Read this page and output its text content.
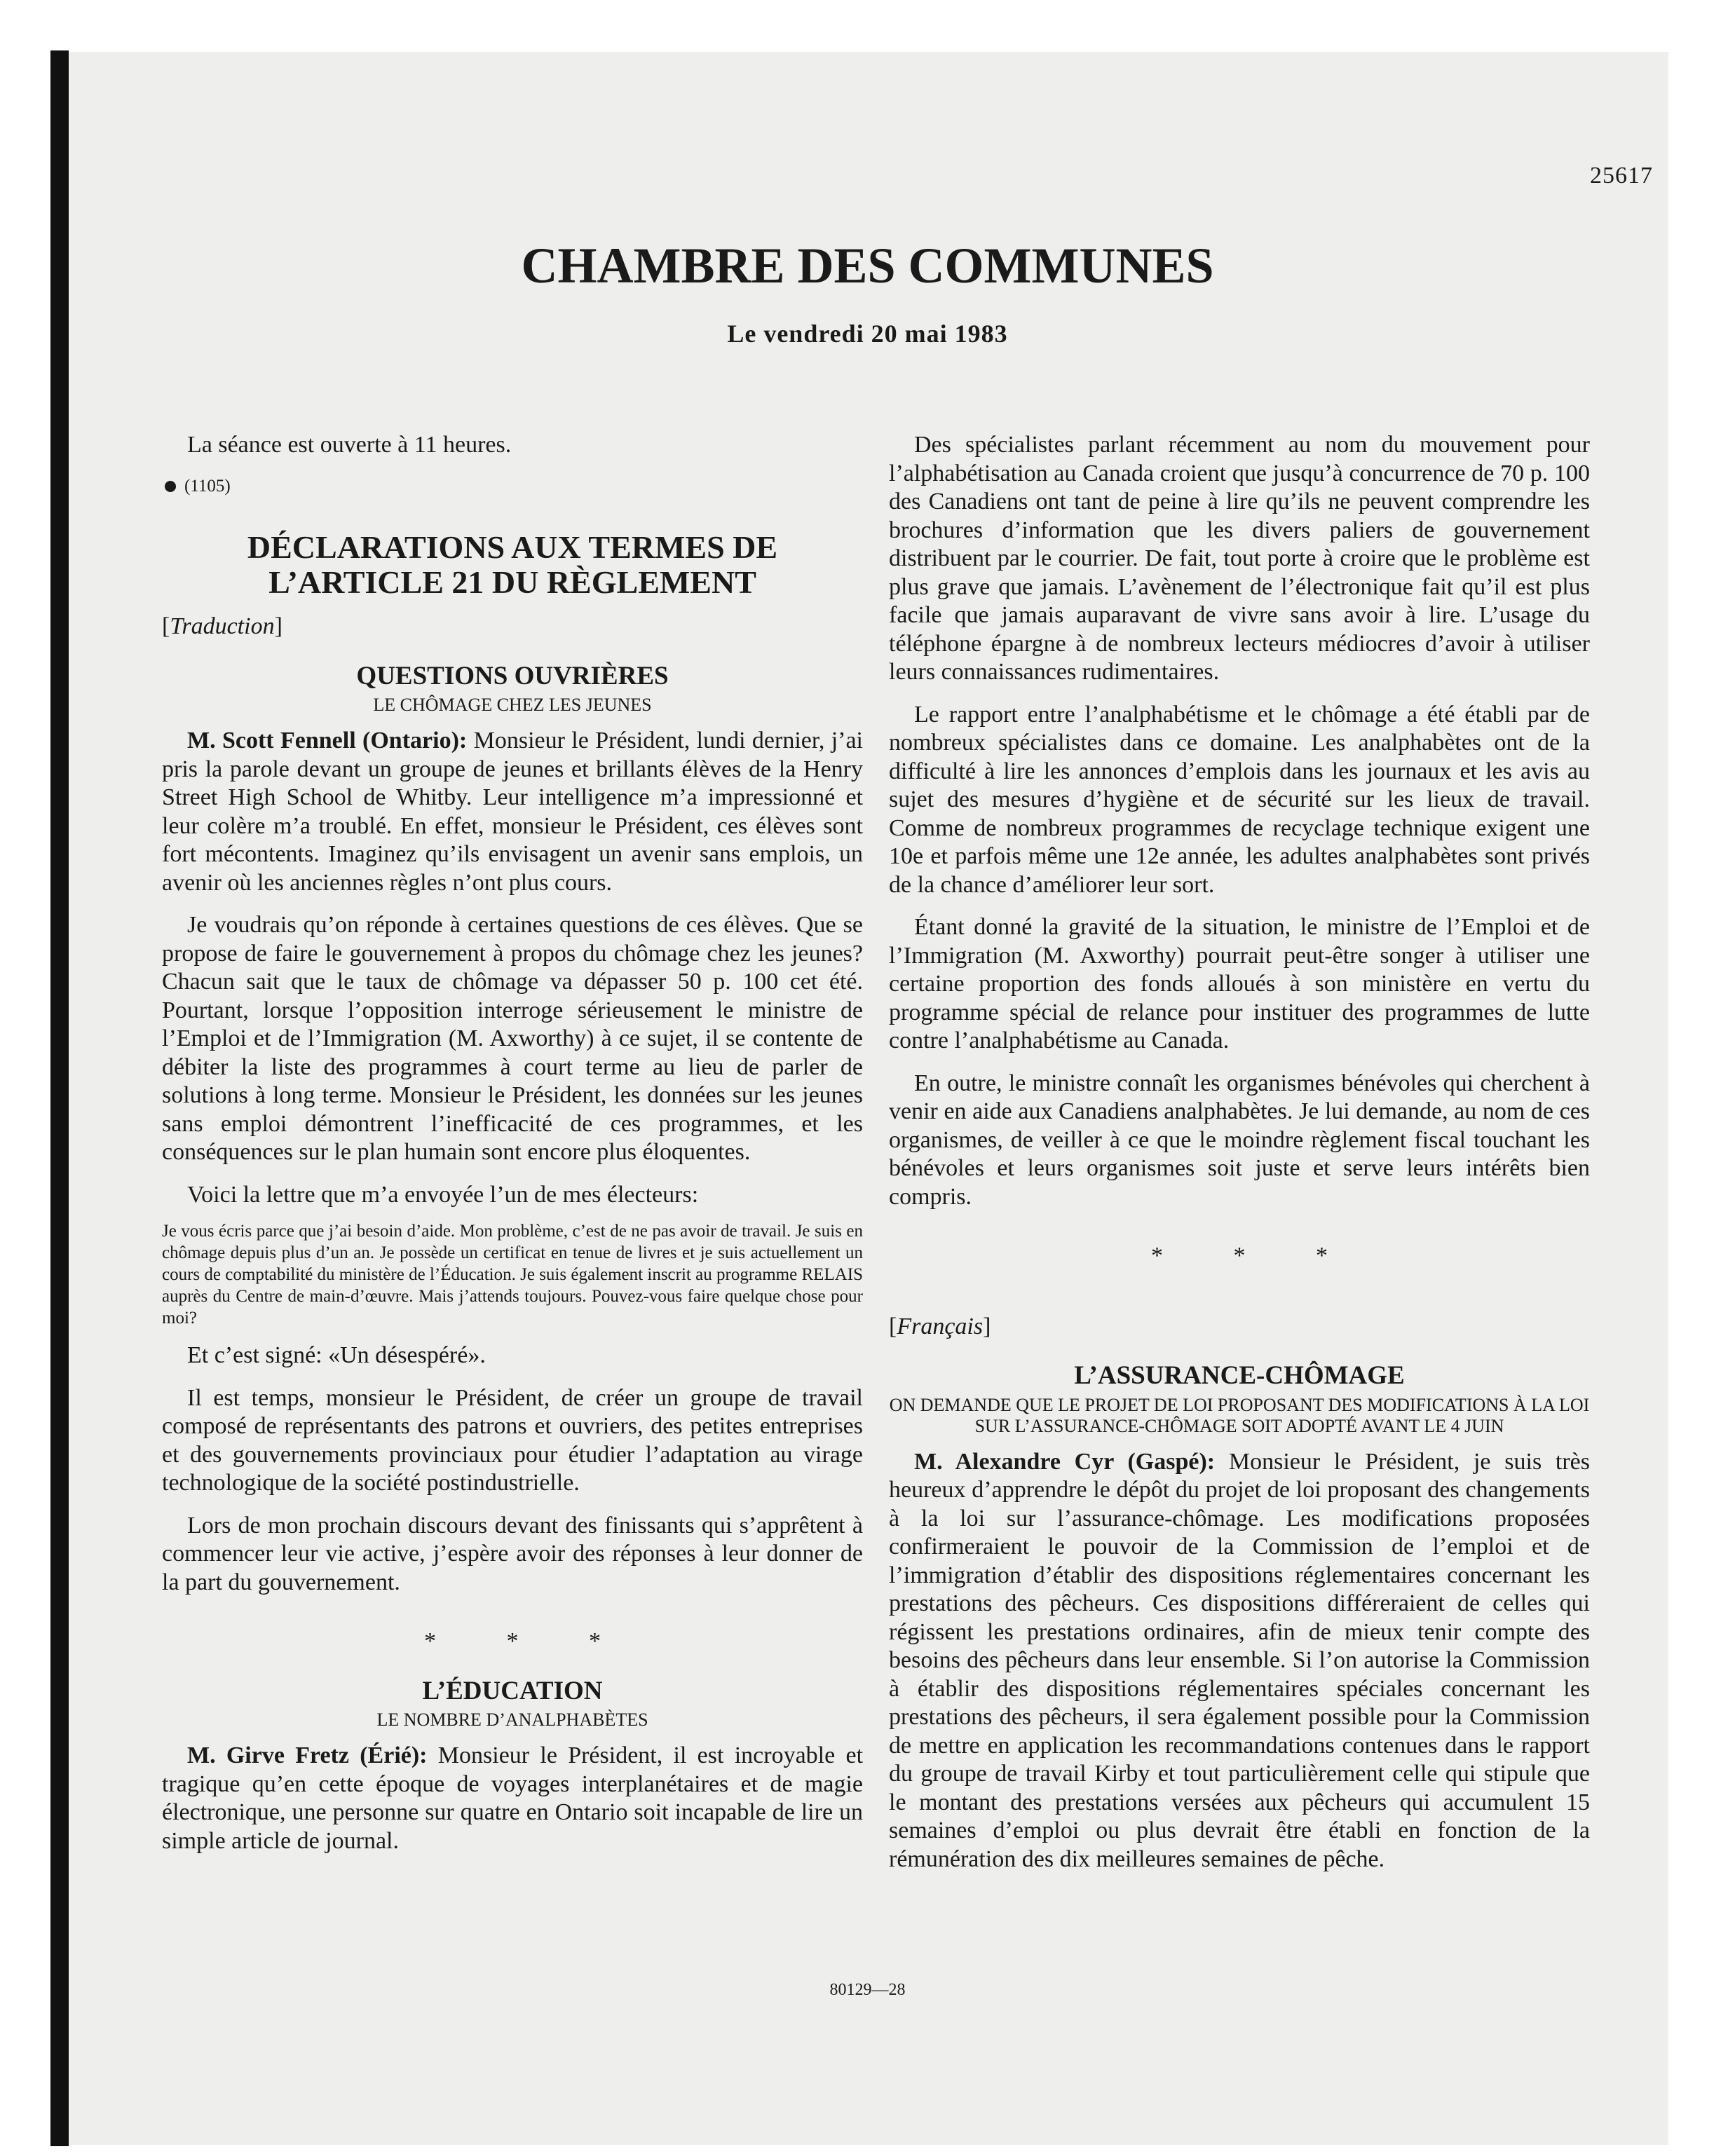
25617
CHAMBRE DES COMMUNES
Le vendredi 20 mai 1983

La séance est ouverte à 11 heures.

(1105)
DÉCLARATIONS AUX TERMES DE
L’ARTICLE 21 DU RÈGLEMENT
[Traduction]
QUESTIONS OUVRIÈRES
LE CHÔMAGE CHEZ LES JEUNES

M. Scott Fennell (Ontario): Monsieur le Président, lundi dernier, j’ai pris la parole devant un groupe de jeunes et brillants élèves de la Henry Street High School de Whitby. Leur intelligence m’a impressionné et leur colère m’a troublé. En effet, monsieur le Président, ces élèves sont fort mécontents. Imaginez qu’ils envisagent un avenir sans emplois, un avenir où les anciennes règles n’ont plus cours.

Je voudrais qu’on réponde à certaines questions de ces élèves. Que se propose de faire le gouvernement à propos du chômage chez les jeunes? Chacun sait que le taux de chômage va dépasser 50 p. 100 cet été. Pourtant, lorsque l’opposition interroge sérieusement le ministre de l’Emploi et de l’Immigration (M. Axworthy) à ce sujet, il se contente de débiter la liste des programmes à court terme au lieu de parler de solutions à long terme. Monsieur le Président, les données sur les jeunes sans emploi démontrent l’inefficacité de ces programmes, et les conséquences sur le plan humain sont encore plus éloquentes.

Voici la lettre que m’a envoyée l’un de mes électeurs:

Je vous écris parce que j’ai besoin d’aide. Mon problème, c’est de ne pas avoir de travail. Je suis en chômage depuis plus d’un an. Je possède un certificat en tenue de livres et je suis actuellement un cours de comptabilité du ministère de l’Éducation. Je suis également inscrit au programme RELAIS auprès du Centre de main-d’œuvre. Mais j’attends toujours. Pouvez-vous faire quelque chose pour moi?

Et c’est signé: «Un désespéré».

Il est temps, monsieur le Président, de créer un groupe de travail composé de représentants des patrons et ouvriers, des petites entreprises et des gouvernements provinciaux pour étudier l’adaptation au virage technologique de la société postindustrielle.

Lors de mon prochain discours devant des finissants qui s’apprêtent à commencer leur vie active, j’espère avoir des réponses à leur donner de la part du gouvernement.

* * *
L’ÉDUCATION
LE NOMBRE D’ANALPHABÈTES

M. Girve Fretz (Érié): Monsieur le Président, il est incroyable et tragique qu’en cette époque de voyages interplanétaires et de magie électronique, une personne sur quatre en Ontario soit incapable de lire un simple article de journal.

Des spécialistes parlant récemment au nom du mouvement pour l’alphabétisation au Canada croient que jusqu’à concurrence de 70 p. 100 des Canadiens ont tant de peine à lire qu’ils ne peuvent comprendre les brochures d’information que les divers paliers de gouvernement distribuent par le courrier. De fait, tout porte à croire que le problème est plus grave que jamais. L’avènement de l’électronique fait qu’il est plus facile que jamais auparavant de vivre sans avoir à lire. L’usage du téléphone épargne à de nombreux lecteurs médiocres d’avoir à utiliser leurs connaissances rudimentaires.

Le rapport entre l’analphabétisme et le chômage a été établi par de nombreux spécialistes dans ce domaine. Les analphabètes ont de la difficulté à lire les annonces d’emplois dans les journaux et les avis au sujet des mesures d’hygiène et de sécurité sur les lieux de travail. Comme de nombreux programmes de recyclage technique exigent une 10e et parfois même une 12e année, les adultes analphabètes sont privés de la chance d’améliorer leur sort.

Étant donné la gravité de la situation, le ministre de l’Emploi et de l’Immigration (M. Axworthy) pourrait peut-être songer à utiliser une certaine proportion des fonds alloués à son ministère en vertu du programme spécial de relance pour instituer des programmes de lutte contre l’analphabétisme au Canada.

En outre, le ministre connaît les organismes bénévoles qui cherchent à venir en aide aux Canadiens analphabètes. Je lui demande, au nom de ces organismes, de veiller à ce que le moindre règlement fiscal touchant les bénévoles et leurs organismes soit juste et serve leurs intérêts bien compris.

* * *
[Français]
L’ASSURANCE-CHÔMAGE
ON DEMANDE QUE LE PROJET DE LOI PROPOSANT DES MODIFICATIONS À LA LOI SUR L’ASSURANCE-CHÔMAGE SOIT ADOPTÉ AVANT LE 4 JUIN

M. Alexandre Cyr (Gaspé): Monsieur le Président, je suis très heureux d’apprendre le dépôt du projet de loi proposant des changements à la loi sur l’assurance-chômage. Les modifications proposées confirmeraient le pouvoir de la Commission de l’emploi et de l’immigration d’établir des dispositions réglementaires concernant les prestations des pêcheurs. Ces dispositions différeraient de celles qui régissent les prestations ordinaires, afin de mieux tenir compte des besoins des pêcheurs dans leur ensemble. Si l’on autorise la Commission à établir des dispositions réglementaires spéciales concernant les prestations des pêcheurs, il sera également possible pour la Commission de mettre en application les recommandations contenues dans le rapport du groupe de travail Kirby et tout particulièrement celle qui stipule que le montant des prestations versées aux pêcheurs qui accumulent 15 semaines d’emploi ou plus devrait être établi en fonction de la rémunération des dix meilleures semaines de pêche.

80129—28
